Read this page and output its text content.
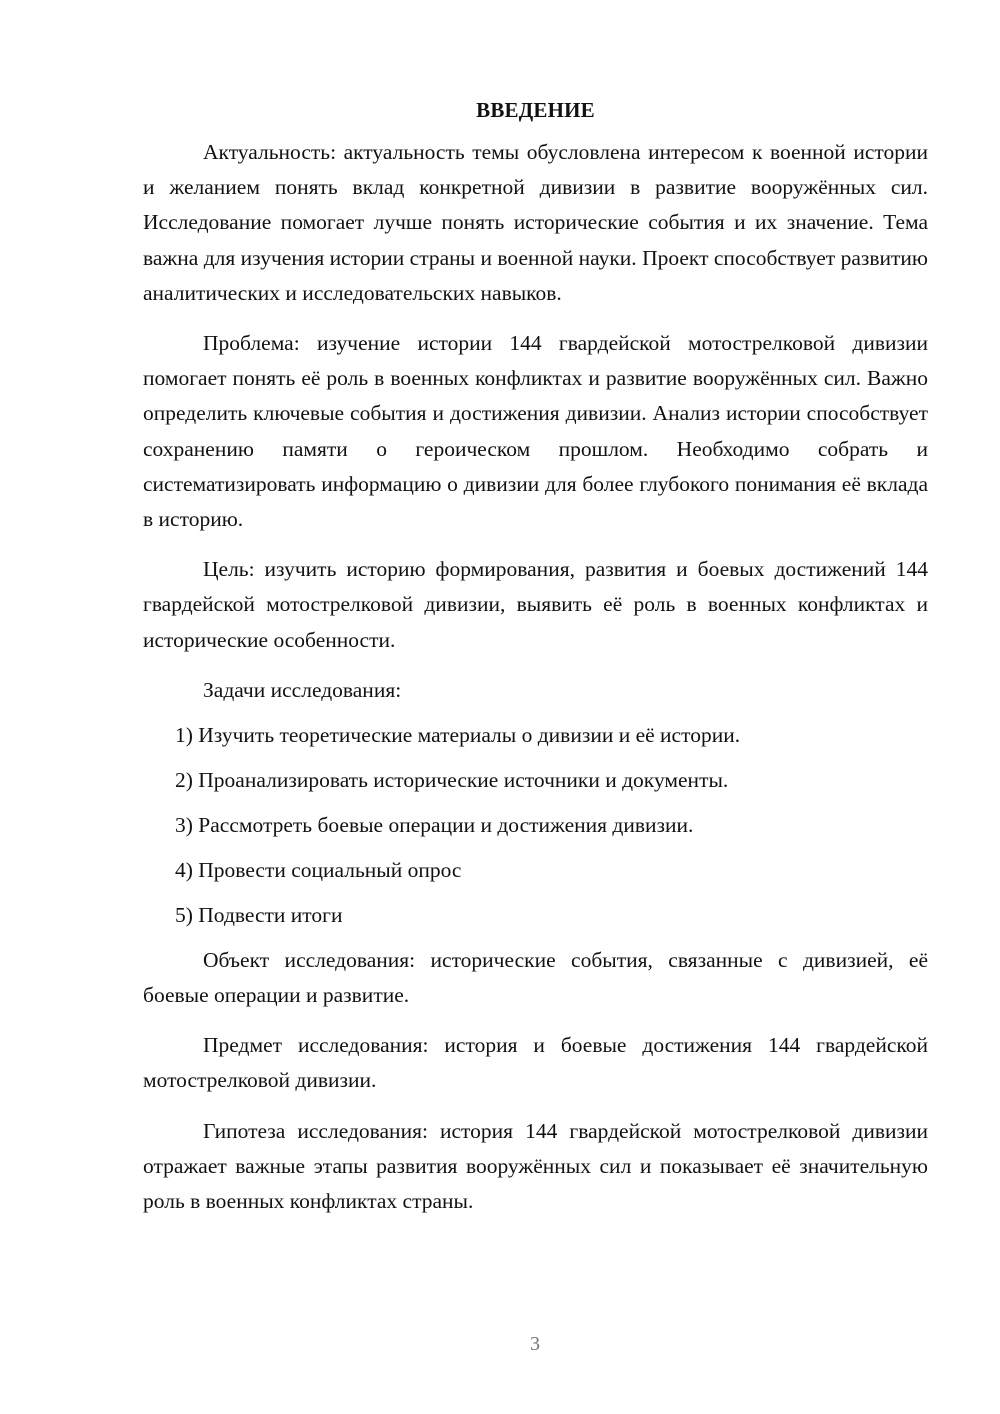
ВВЕДЕНИЕ

Актуальность: актуальность темы обусловлена интересом к военной истории и желанием понять вклад конкретной дивизии в развитие вооружённых сил. Исследование помогает лучше понять исторические события и их значение. Тема важна для изучения истории страны и военной науки. Проект способствует развитию аналитических и исследовательских навыков.

Проблема: изучение истории 144 гвардейской мотострелковой дивизии помогает понять её роль в военных конфликтах и развитие вооружённых сил. Важно определить ключевые события и достижения дивизии. Анализ истории способствует сохранению памяти о героическом прошлом. Необходимо собрать и систематизировать информацию о дивизии для более глубокого понимания её вклада в историю.

Цель: изучить историю формирования, развития и боевых достижений 144 гвардейской мотострелковой дивизии, выявить её роль в военных конфликтах и исторические особенности.

Задачи исследования:

1) Изучить теоретические материалы о дивизии и её истории.
2) Проанализировать исторические источники и документы.
3) Рассмотреть боевые операции и достижения дивизии.
4) Провести социальный опрос
5) Подвести итоги

Объект исследования: исторические события, связанные с дивизией, её боевые операции и развитие.

Предмет исследования: история и боевые достижения 144 гвардейской мотострелковой дивизии.

Гипотеза исследования: история 144 гвардейской мотострелковой дивизии отражает важные этапы развития вооружённых сил и показывает её значительную роль в военных конфликтах страны.

3
